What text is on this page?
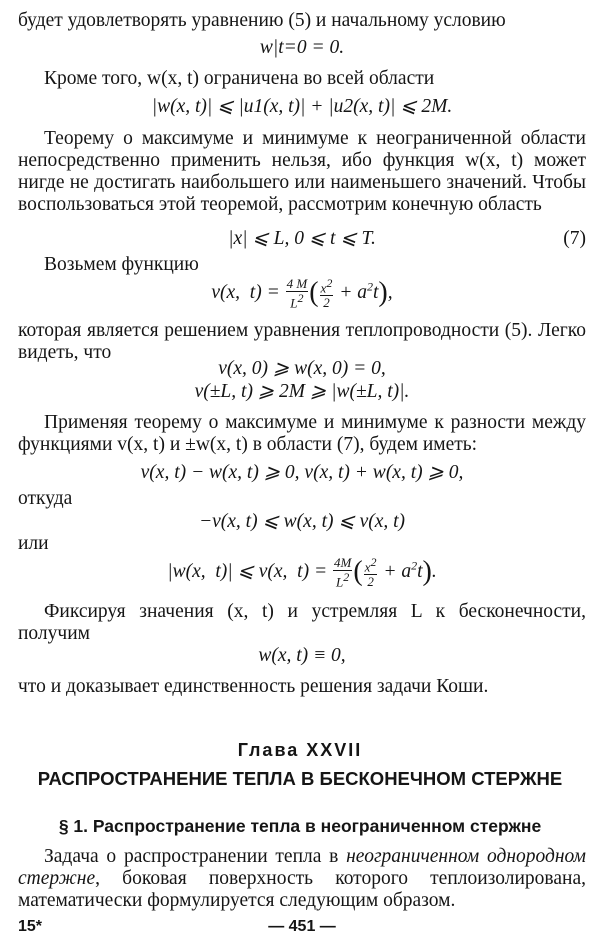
будет удовлетворять уравнению (5) и начальному условию

w|t=0 = 0.

Кроме того, w(x, t) ограничена во всей области

|w(x, t)| ⩽ |u1(x, t)| + |u2(x, t)| ⩽ 2M.

Теорему о максимуме и минимуме к неограниченной области непосредственно применить нельзя, ибо функция w(x, t) может нигде не достигать наибольшего или наименьшего значений. Чтобы воспользоваться этой теоремой, рассмотрим конечную область

|x| ⩽ L, 0 ⩽ t ⩽ T.	(7)

Возьмем функцию

v(x,  $t) = \frac{4 M}{L^2}$ ( $\frac{x^2}{2} + a^2t$),

которая является решением уравнения теплопроводности (5). Легко видеть, что

v(x, 0) ⩾ w(x, 0) = 0,
v(±L, t) ⩾ 2M ⩾ |w(±L, t)|.

Применяя теорему о максимуме и минимуме к разности между функциями v(x, t) и ±w(x, t) в области (7), будем иметь:

v(x, t) − w(x, t) ⩾ 0, v(x, t) + w(x, t) ⩾ 0,

откуда

−v(x, t) ⩽ w(x, t) ⩽ v(x, t)

или

|w(x,  t)| ⩽ v(x,  $t) = \frac{4M}{L^2}$ ( $\frac{x^2}{2} + a^2t$).

Фиксируя значения (x, t) и устремляя L к бесконечности, получим

w(x, t) ≡ 0,

что и доказывает единственность решения задачи Коши.

Глава XXVII
РАСПРОСТРАНЕНИЕ ТЕПЛА В БЕСКОНЕЧНОМ СТЕРЖНЕ
§ 1. Распространение тепла в неограниченном стержне

Задача о распространении тепла в неограниченном однородном стержне, боковая поверхность которого теплоизолирована, математически формулируется следующим образом.

15*	— 451 —
